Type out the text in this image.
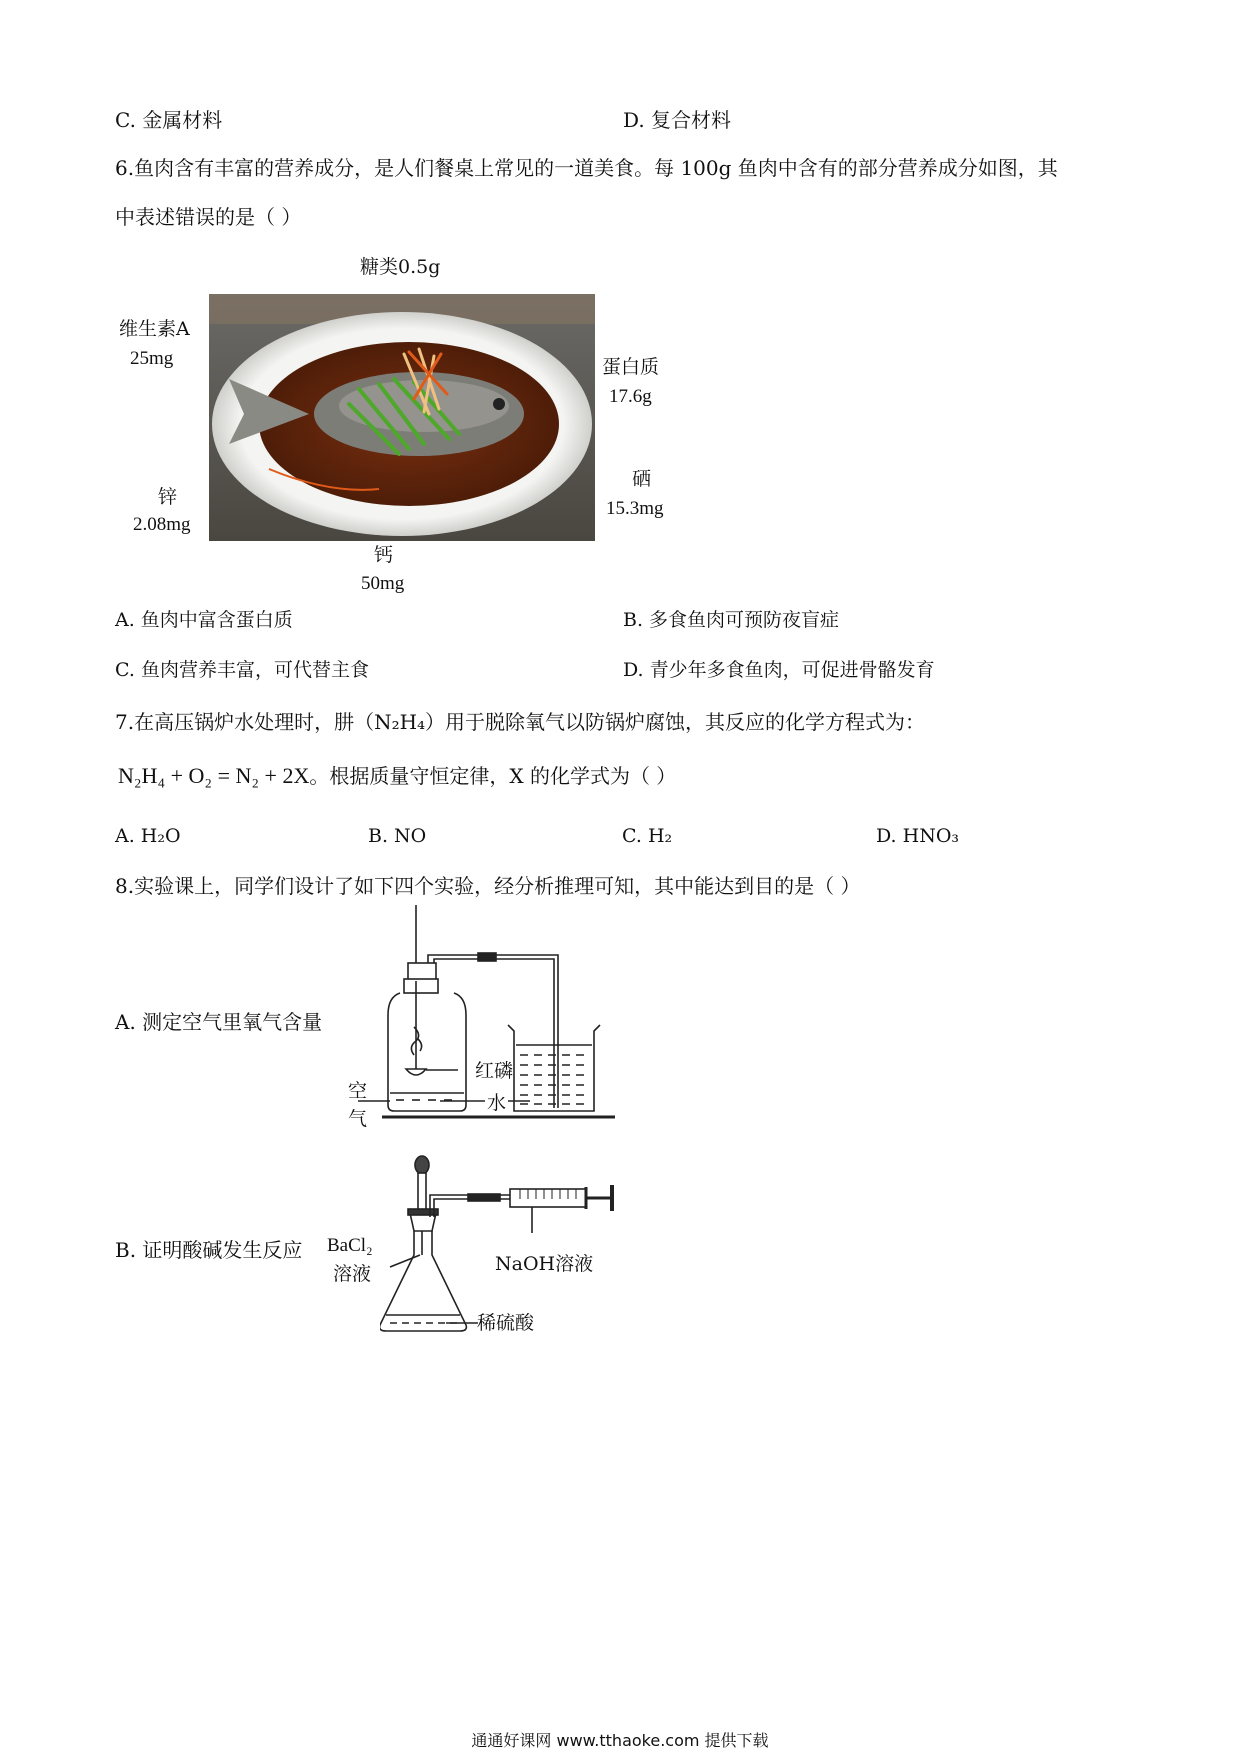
C. 金属材料	D. 复合材料
6.鱼肉含有丰富的营养成分，是人们餐桌上常见的一道美食。每 100g 鱼肉中含有的部分营养成分如图，其
中表述错误的是（ ）
糖类0.5g
维生素A
25mg	蛋白质
17.6g
锌
2.08mg
硒
15.3mg
钙
50mg
A. 鱼肉中富含蛋白质	B. 多食鱼肉可预防夜盲症
C. 鱼肉营养丰富，可代替主食	D. 青少年多食鱼肉，可促进骨骼发育
7.在高压锅炉水处理时，肼（N₂H₄）用于脱除氧气以防锅炉腐蚀，其反应的化学方程式为：
N₂H₄ + O₂ = N₂ + 2X。根据质量守恒定律，X 的化学式为（ ）
A. H₂O	B. NO	C. H₂	D. HNO₃
8.实验课上，同学们设计了如下四个实验，经分析推理可知，其中能达到目的是（ ）
A. 测定空气里氧气含量
红磷
水
空
气
B. 证明酸碱发生反应 BaCl₂
溶液	NaOH溶液
稀硫酸
通通好课网 www.tthaoke.com 提供下载
